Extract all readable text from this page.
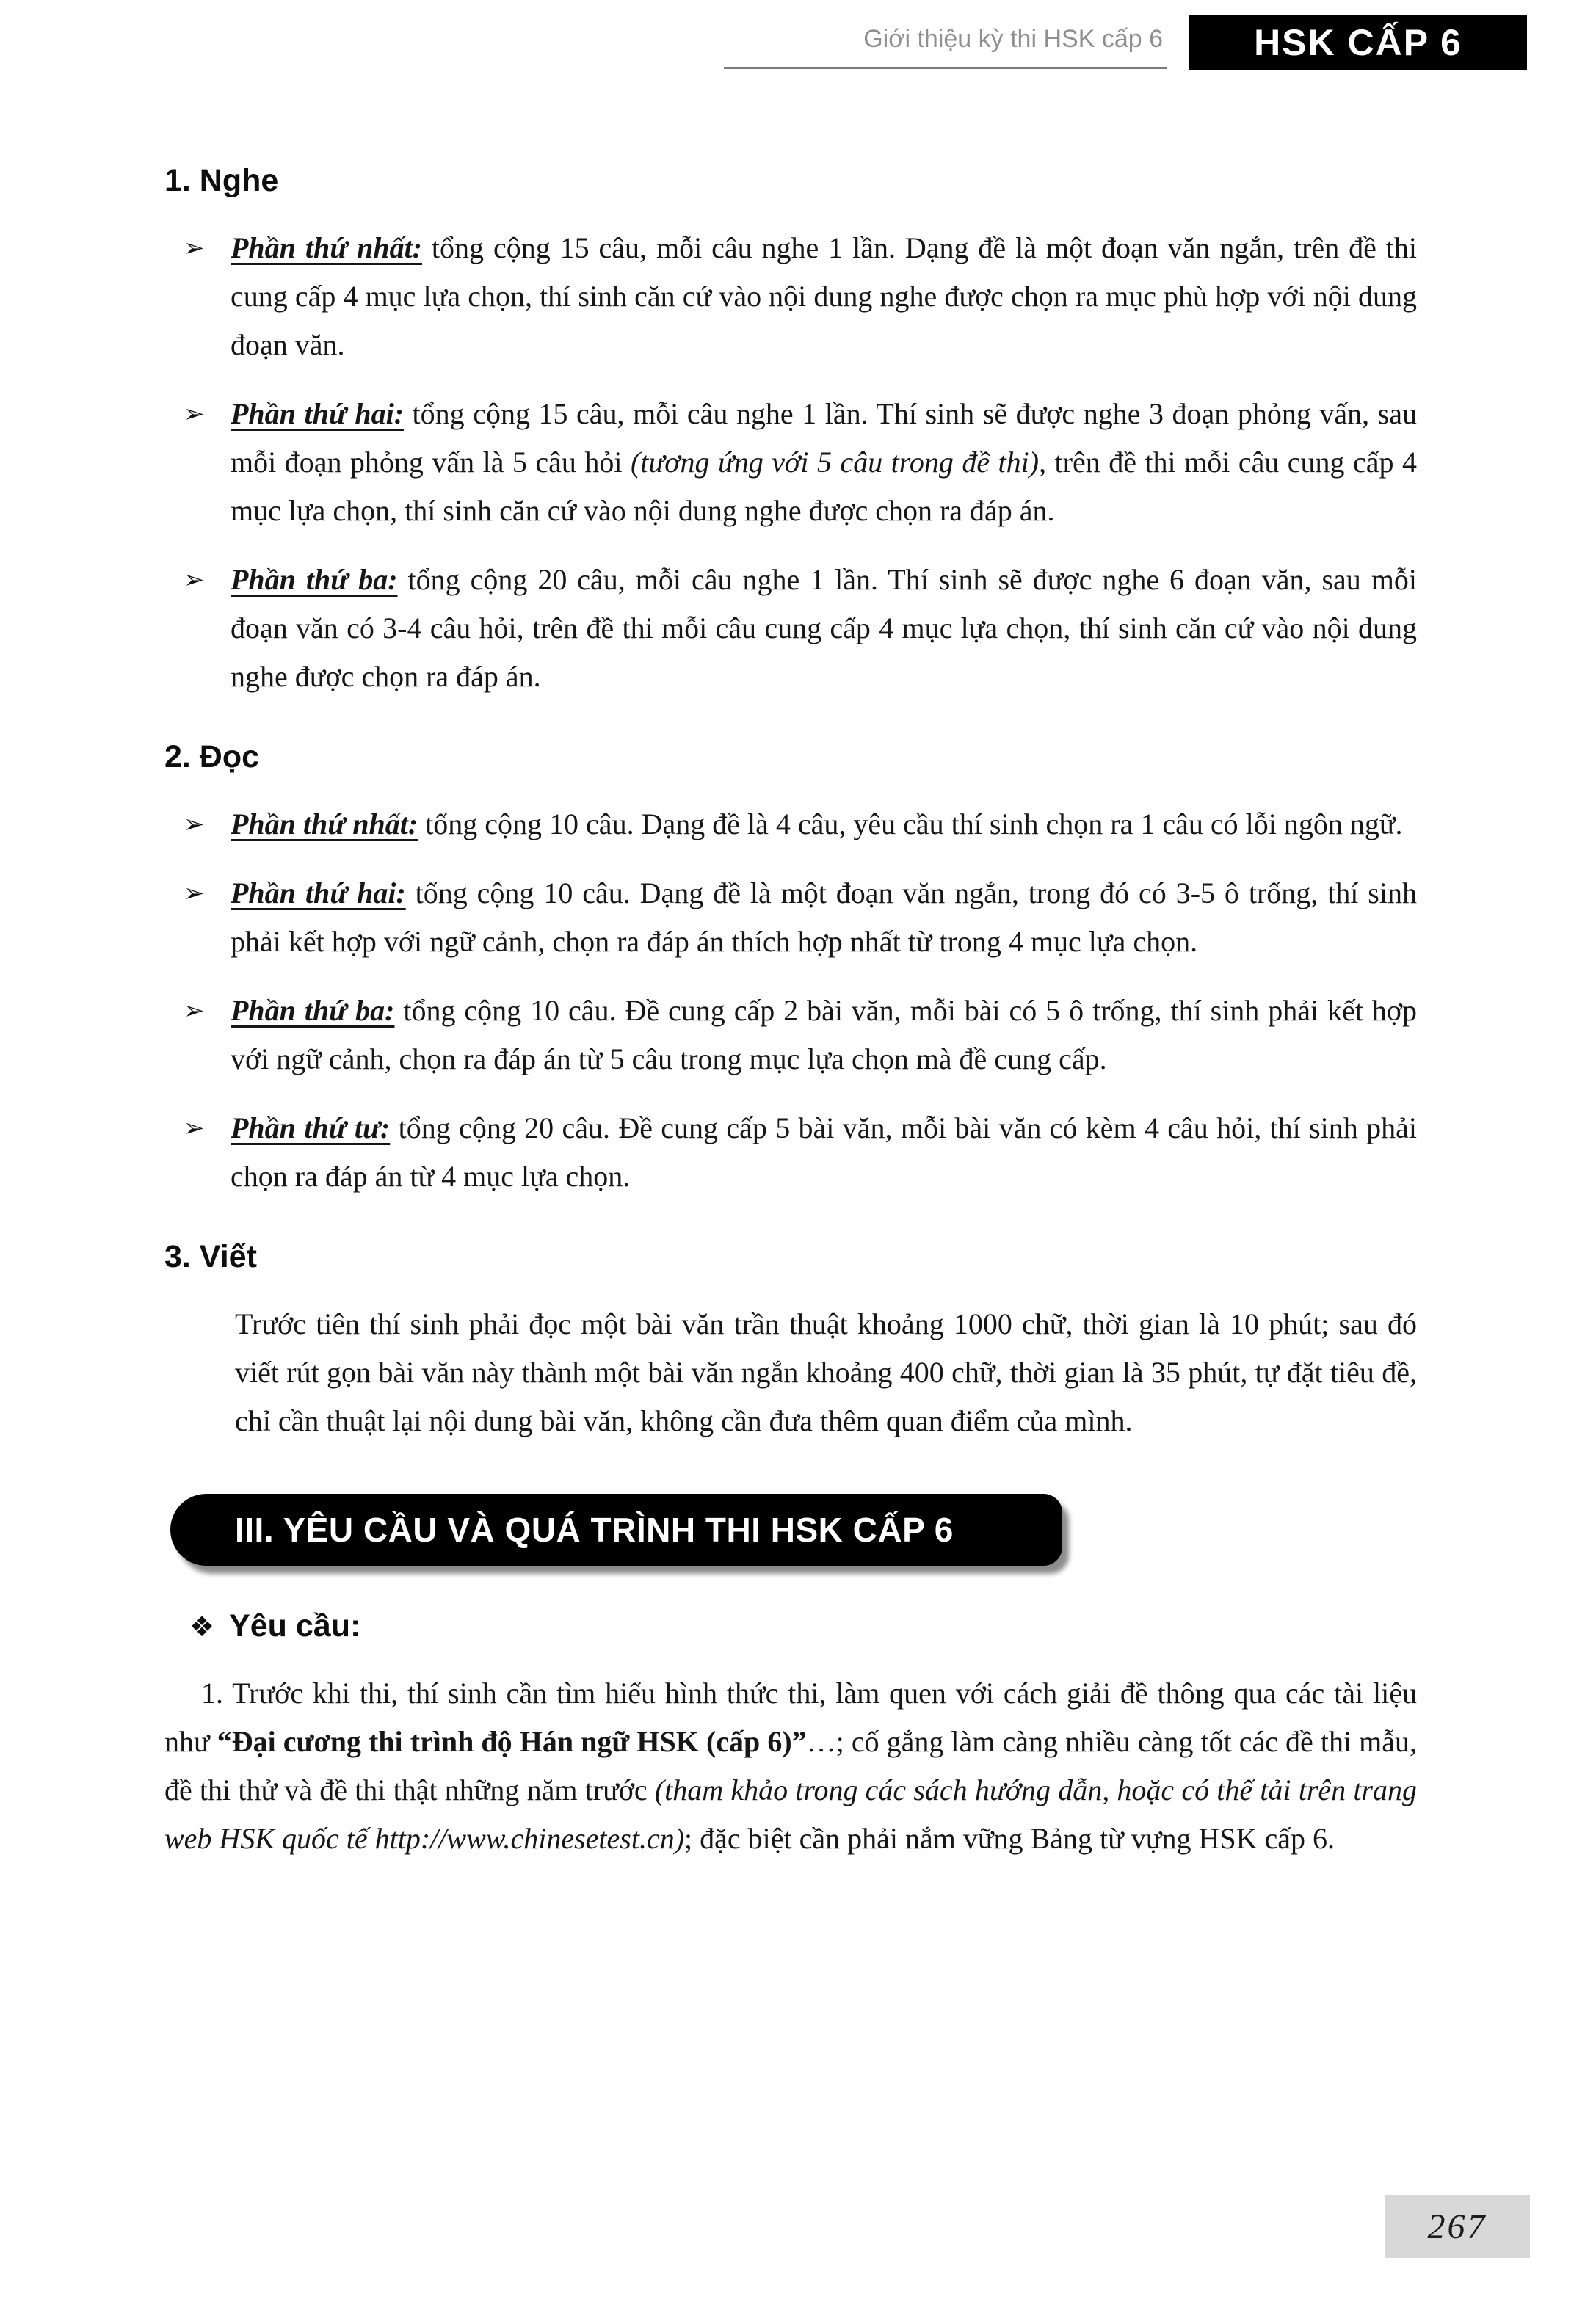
Giới thiệu kỳ thi HSK cấp 6	HSK CẤP 6
1. Nghe
➢ Phần thứ nhất: tổng cộng 15 câu, mỗi câu nghe 1 lần. Dạng đề là một đoạn văn ngắn, trên đề thi cung cấp 4 mục lựa chọn, thí sinh căn cứ vào nội dung nghe được chọn ra mục phù hợp với nội dung đoạn văn.

➢ Phần thứ hai: tổng cộng 15 câu, mỗi câu nghe 1 lần. Thí sinh sẽ được nghe 3 đoạn phỏng vấn, sau mỗi đoạn phỏng vấn là 5 câu hỏi (tương ứng với 5 câu trong đề thi), trên đề thi mỗi câu cung cấp 4 mục lựa chọn, thí sinh căn cứ vào nội dung nghe được chọn ra đáp án.

➢ Phần thứ ba: tổng cộng 20 câu, mỗi câu nghe 1 lần. Thí sinh sẽ được nghe 6 đoạn văn, sau mỗi đoạn văn có 3-4 câu hỏi, trên đề thi mỗi câu cung cấp 4 mục lựa chọn, thí sinh căn cứ vào nội dung nghe được chọn ra đáp án.

2. Đọc
➢ Phần thứ nhất: tổng cộng 10 câu. Dạng đề là 4 câu, yêu cầu thí sinh chọn ra 1 câu có lỗi ngôn ngữ.

➢ Phần thứ hai: tổng cộng 10 câu. Dạng đề là một đoạn văn ngắn, trong đó có 3-5 ô trống, thí sinh phải kết hợp với ngữ cảnh, chọn ra đáp án thích hợp nhất từ trong 4 mục lựa chọn.

➢ Phần thứ ba: tổng cộng 10 câu. Đề cung cấp 2 bài văn, mỗi bài có 5 ô trống, thí sinh phải kết hợp với ngữ cảnh, chọn ra đáp án từ 5 câu trong mục lựa chọn mà đề cung cấp.

➢ Phần thứ tư: tổng cộng 20 câu. Đề cung cấp 5 bài văn, mỗi bài văn có kèm 4 câu hỏi, thí sinh phải chọn ra đáp án từ 4 mục lựa chọn.

3. Viết

Trước tiên thí sinh phải đọc một bài văn trần thuật khoảng 1000 chữ, thời gian là 10 phút; sau đó viết rút gọn bài văn này thành một bài văn ngắn khoảng 400 chữ, thời gian là 35 phút, tự đặt tiêu đề, chỉ cần thuật lại nội dung bài văn, không cần đưa thêm quan điểm của mình.

III. YÊU CẦU VÀ QUÁ TRÌNH THI HSK CẤP 6
❖ Yêu cầu:

1. Trước khi thi, thí sinh cần tìm hiểu hình thức thi, làm quen với cách giải đề thông qua các tài liệu như “Đại cương thi trình độ Hán ngữ HSK (cấp 6)”…; cố gắng làm càng nhiều càng tốt các đề thi mẫu, đề thi thử và đề thi thật những năm trước (tham khảo trong các sách hướng dẫn, hoặc có thể tải trên trang web HSK quốc tế http://www.chinesetest.cn); đặc biệt cần phải nắm vững Bảng từ vựng HSK cấp 6.

267
